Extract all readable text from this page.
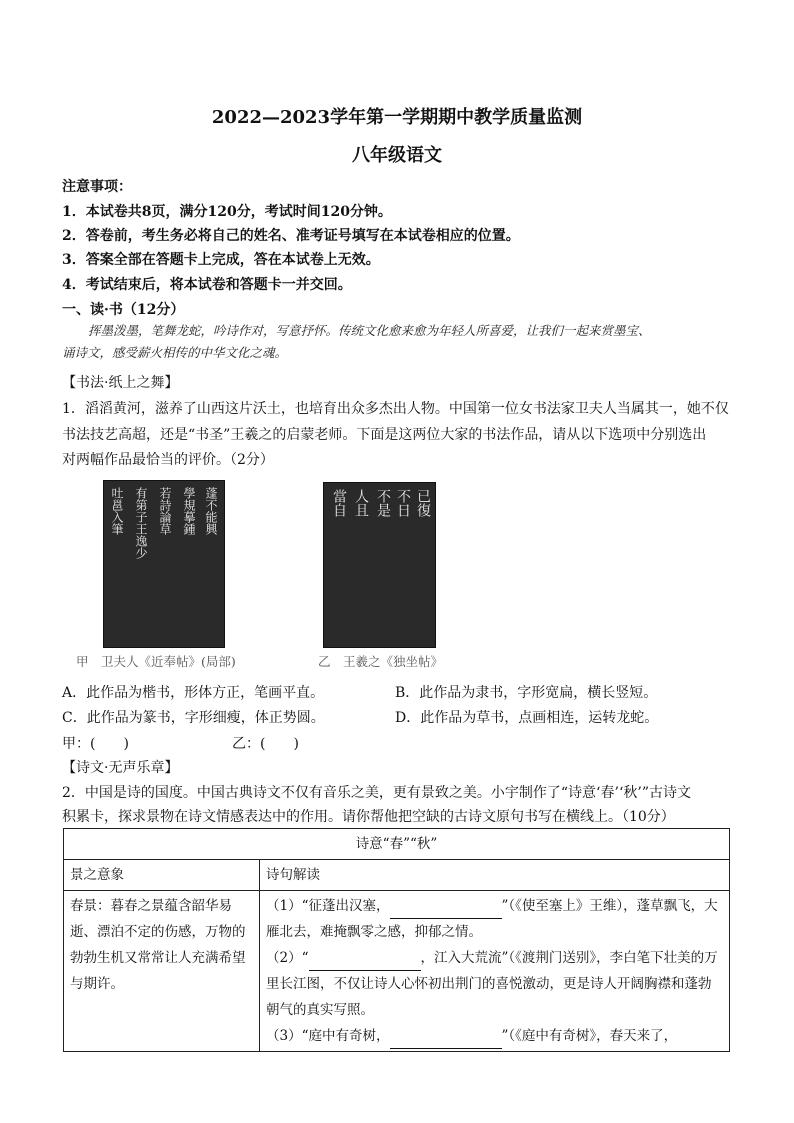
2022—2023学年第一学期期中教学质量监测
八年级语文
注意事项：
1．本试卷共8页，满分120分，考试时间120分钟。
2．答卷前，考生务必将自己的姓名、准考证号填写在本试卷相应的位置。
3．答案全部在答题卡上完成，答在本试卷上无效。
4．考试结束后，将本试卷和答题卡一并交回。
一、读·书（12分）
挥墨泼墨，笔舞龙蛇，吟诗作对，写意抒怀。传统文化愈来愈为年轻人所喜爱，让我们一起来赏墨宝、
诵诗文，感受薪火相传的中华文化之魂。
【书法·纸上之舞】
1．滔滔黄河，滋养了山西这片沃土，也培育出众多杰出人物。中国第一位女书法家卫夫人当属其一，她不仅
书法技艺高超，还是“书圣”王羲之的启蒙老师。下面是这两位大家的书法作品，请从以下选项中分别选出
对两幅作品最恰当的评价。（2分）
吐邕入筆 有第子王逸少 若詩論草 學規摹鍾 蓬不能興
甲　卫夫人《近奉帖》(局部)
當自 人且 不是 不日 已復
乙　王羲之《独坐帖》
A．此作品为楷书，形体方正，笔画平直。	B．此作品为隶书，字形宽扁，横长竖短。
C．此作品为篆书，字形细瘦，体正势圆。	D．此作品为草书，点画相连，运转龙蛇。
甲：(　　)	乙：(　　)
【诗文·无声乐章】
2．中国是诗的国度。中国古典诗文不仅有音乐之美，更有景致之美。小宇制作了“诗意‘春’‘秋’”古诗文
积累卡，探求景物在诗文情感表达中的作用。请你帮他把空缺的古诗文原句书写在横线上。（10分）
诗意“春”“秋”	
景之意象	诗句解读
春景：暮春之景蕴含韶华易逝、漂泊不定的伤感，万物的勃勃生机又常常让人充满希望与期许。	（1）“征蓬出汉塞， ”（《使至塞上》王维），蓬草飘飞，大雁北去，难掩飘零之感，抑郁之情。
（2）“ ，江入大荒流”（《渡荆门送别》，李白笔下壮美的万里长江图，不仅让诗人心怀初出荆门的喜悦激动，更是诗人开阔胸襟和蓬勃朝气的真实写照。
（3）“庭中有奇树， ”（《庭中有奇树》，春天来了，
